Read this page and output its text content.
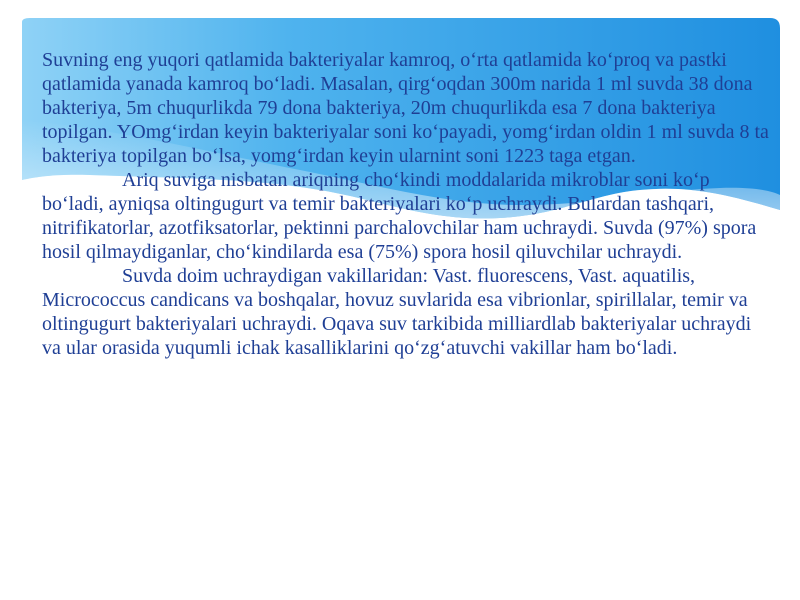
Suvning eng yuqori qatlamida bakteriyalar kamroq, o‘rta qatlamida ko‘proq va pastki qatlamida yanada kamroq bo‘ladi. Masalan, qirg‘oqdan 300m narida 1 ml suvda 38 dona bakteriya, 5m chuqurlikda 79 dona bakteriya, 20m chuqurlikda esa 7 dona bakteriya topilgan. YOmg‘irdan keyin bakteriyalar soni ko‘payadi, yomg‘irdan oldin 1 ml suvda 8 ta bakteriya topilgan bo‘lsa, yomg‘irdan keyin ularnint soni 1223 taga etgan.

Ariq suviga nisbatan ariqning cho‘kindi moddalarida mikroblar soni ko‘p bo‘ladi, ayniqsa oltingugurt va temir bakteriyalari ko‘p uchraydi. Bulardan tashqari, nitrifikatorlar, azotfiksatorlar, pektinni parchalovchilar ham uchraydi. Suvda (97%) spora hosil qilmaydiganlar, cho‘kindilarda esa (75%) spora hosil qiluvchilar uchraydi.

Suvda doim uchraydigan vakillaridan: Vast. fluorescens, Vast. aquatilis, Micrococcus candicans va boshqalar, hovuz suvlarida esa vibrionlar, spirillalar, temir va oltingugurt bakteriyalari uchraydi. Oqava suv tarkibida milliardlab bakteriyalar uchraydi va ular orasida yuqumli ichak kasalliklarini qo‘zg‘atuvchi vakillar ham bo‘ladi.
